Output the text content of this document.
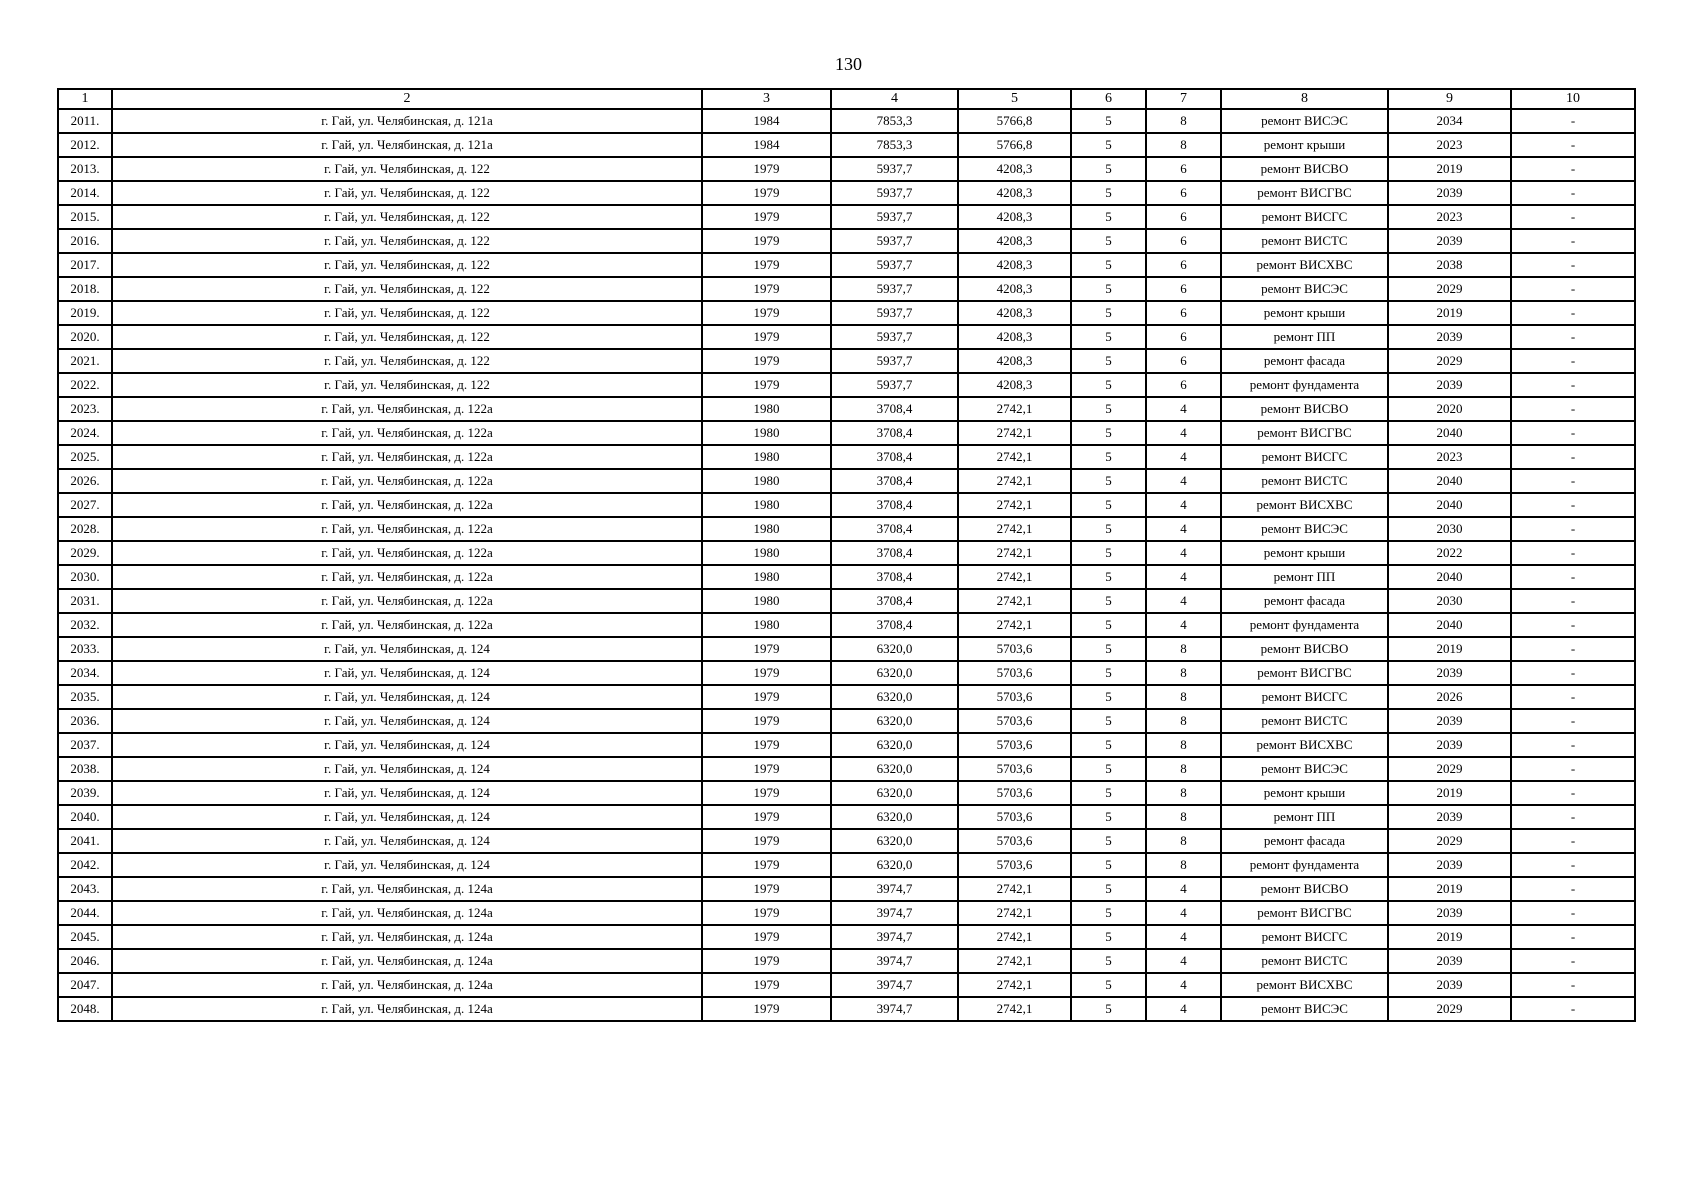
130
1	2	3	4	5	6	7	8	9	10
2011.	г. Гай, ул. Челябинская, д. 121а	1984	7853,3	5766,8	5	8	ремонт ВИСЭС	2034	-
2012.	г. Гай, ул. Челябинская, д. 121а	1984	7853,3	5766,8	5	8	ремонт крыши	2023	-
2013.	г. Гай, ул. Челябинская, д. 122	1979	5937,7	4208,3	5	6	ремонт ВИСВО	2019	-
2014.	г. Гай, ул. Челябинская, д. 122	1979	5937,7	4208,3	5	6	ремонт ВИСГВС	2039	-
2015.	г. Гай, ул. Челябинская, д. 122	1979	5937,7	4208,3	5	6	ремонт ВИСГС	2023	-
2016.	г. Гай, ул. Челябинская, д. 122	1979	5937,7	4208,3	5	6	ремонт ВИСТС	2039	-
2017.	г. Гай, ул. Челябинская, д. 122	1979	5937,7	4208,3	5	6	ремонт ВИСХВС	2038	-
2018.	г. Гай, ул. Челябинская, д. 122	1979	5937,7	4208,3	5	6	ремонт ВИСЭС	2029	-
2019.	г. Гай, ул. Челябинская, д. 122	1979	5937,7	4208,3	5	6	ремонт крыши	2019	-
2020.	г. Гай, ул. Челябинская, д. 122	1979	5937,7	4208,3	5	6	ремонт ПП	2039	-
2021.	г. Гай, ул. Челябинская, д. 122	1979	5937,7	4208,3	5	6	ремонт фасада	2029	-
2022.	г. Гай, ул. Челябинская, д. 122	1979	5937,7	4208,3	5	6	ремонт фундамента	2039	-
2023.	г. Гай, ул. Челябинская, д. 122а	1980	3708,4	2742,1	5	4	ремонт ВИСВО	2020	-
2024.	г. Гай, ул. Челябинская, д. 122а	1980	3708,4	2742,1	5	4	ремонт ВИСГВС	2040	-
2025.	г. Гай, ул. Челябинская, д. 122а	1980	3708,4	2742,1	5	4	ремонт ВИСГС	2023	-
2026.	г. Гай, ул. Челябинская, д. 122а	1980	3708,4	2742,1	5	4	ремонт ВИСТС	2040	-
2027.	г. Гай, ул. Челябинская, д. 122а	1980	3708,4	2742,1	5	4	ремонт ВИСХВС	2040	-
2028.	г. Гай, ул. Челябинская, д. 122а	1980	3708,4	2742,1	5	4	ремонт ВИСЭС	2030	-
2029.	г. Гай, ул. Челябинская, д. 122а	1980	3708,4	2742,1	5	4	ремонт крыши	2022	-
2030.	г. Гай, ул. Челябинская, д. 122а	1980	3708,4	2742,1	5	4	ремонт ПП	2040	-
2031.	г. Гай, ул. Челябинская, д. 122а	1980	3708,4	2742,1	5	4	ремонт фасада	2030	-
2032.	г. Гай, ул. Челябинская, д. 122а	1980	3708,4	2742,1	5	4	ремонт фундамента	2040	-
2033.	г. Гай, ул. Челябинская, д. 124	1979	6320,0	5703,6	5	8	ремонт ВИСВО	2019	-
2034.	г. Гай, ул. Челябинская, д. 124	1979	6320,0	5703,6	5	8	ремонт ВИСГВС	2039	-
2035.	г. Гай, ул. Челябинская, д. 124	1979	6320,0	5703,6	5	8	ремонт ВИСГС	2026	-
2036.	г. Гай, ул. Челябинская, д. 124	1979	6320,0	5703,6	5	8	ремонт ВИСТС	2039	-
2037.	г. Гай, ул. Челябинская, д. 124	1979	6320,0	5703,6	5	8	ремонт ВИСХВС	2039	-
2038.	г. Гай, ул. Челябинская, д. 124	1979	6320,0	5703,6	5	8	ремонт ВИСЭС	2029	-
2039.	г. Гай, ул. Челябинская, д. 124	1979	6320,0	5703,6	5	8	ремонт крыши	2019	-
2040.	г. Гай, ул. Челябинская, д. 124	1979	6320,0	5703,6	5	8	ремонт ПП	2039	-
2041.	г. Гай, ул. Челябинская, д. 124	1979	6320,0	5703,6	5	8	ремонт фасада	2029	-
2042.	г. Гай, ул. Челябинская, д. 124	1979	6320,0	5703,6	5	8	ремонт фундамента	2039	-
2043.	г. Гай, ул. Челябинская, д. 124а	1979	3974,7	2742,1	5	4	ремонт ВИСВО	2019	-
2044.	г. Гай, ул. Челябинская, д. 124а	1979	3974,7	2742,1	5	4	ремонт ВИСГВС	2039	-
2045.	г. Гай, ул. Челябинская, д. 124а	1979	3974,7	2742,1	5	4	ремонт ВИСГС	2019	-
2046.	г. Гай, ул. Челябинская, д. 124а	1979	3974,7	2742,1	5	4	ремонт ВИСТС	2039	-
2047.	г. Гай, ул. Челябинская, д. 124а	1979	3974,7	2742,1	5	4	ремонт ВИСХВС	2039	-
2048.	г. Гай, ул. Челябинская, д. 124а	1979	3974,7	2742,1	5	4	ремонт ВИСЭС	2029	-
